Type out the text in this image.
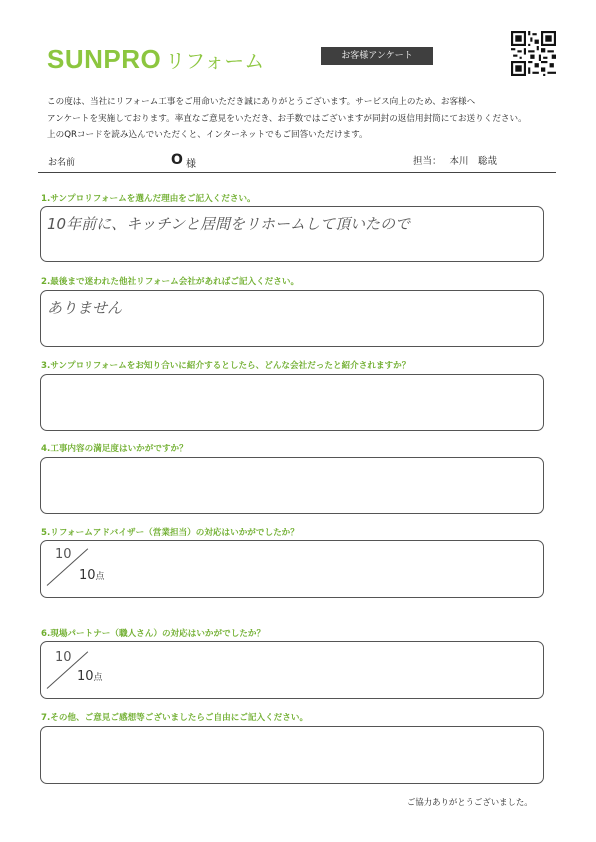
SUNPRO リフォーム	お客様アンケート
この度は、当社にリフォーム工事をご用命いただき誠にありがとうございます。サービス向上のため、お客様へ
アンケートを実施しております。率直なご意見をいただき、お手数ではございますが同封の返信用封筒にてお送りください。
上のQRコードを読み込んでいただくと、インターネットでもご回答いただけます。
お名前	O 様	担当： 本川　聡哉
1.サンプロリフォームを選んだ理由をご記入ください。
10年前に、キッチンと居間をリホームして頂いたので
2.最後まで迷われた他社リフォーム会社があればご記入ください。
ありません
3.サンプロリフォームをお知り合いに紹介するとしたら、どんな会社だったと紹介されますか？
4.工事内容の満足度はいかがですか？
5.リフォームアドバイザー（営業担当）の対応はいかがでしたか？
10
10点
6.現場パートナー（職人さん）の対応はいかがでしたか？
10
10点
7.その他、ご意見ご感想等ございましたらご自由にご記入ください。
ご協力ありがとうございました。
